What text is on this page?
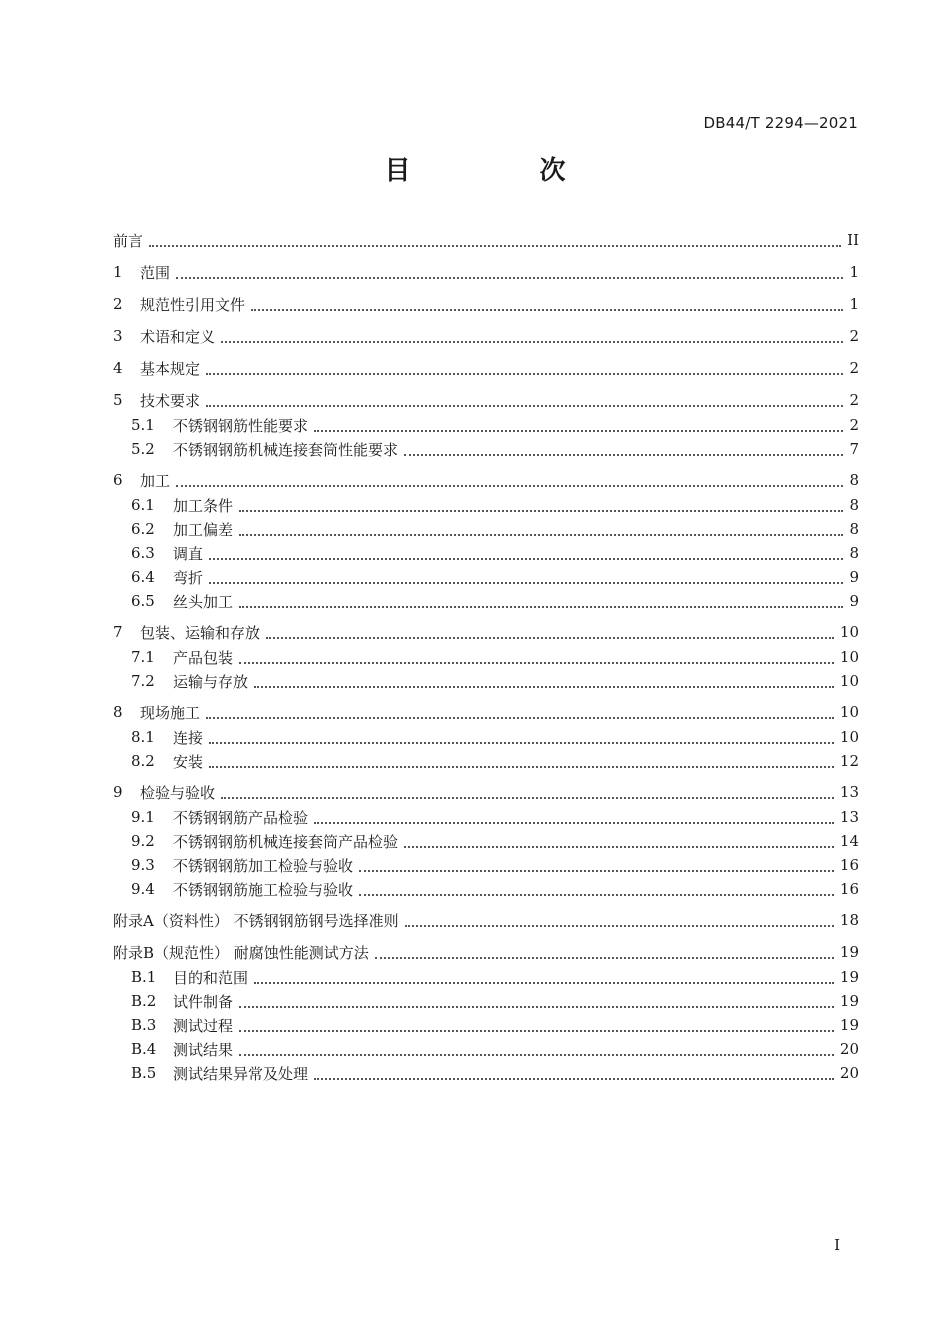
DB44/T 2294—2021
目 次
前言	II
1	范围	1
2	规范性引用文件	1
3	术语和定义	2
4	基本规定	2
5	技术要求	2
5.1	不锈钢钢筋性能要求	2
5.2	不锈钢钢筋机械连接套筒性能要求	7
6	加工	8
6.1	加工条件	8
6.2	加工偏差	8
6.3	调直	8
6.4	弯折	9
6.5	丝头加工	9
7	包装、运输和存放	10
7.1	产品包装	10
7.2	运输与存放	10
8	现场施工	10
8.1	连接	10
8.2	安装	12
9	检验与验收	13
9.1	不锈钢钢筋产品检验	13
9.2	不锈钢钢筋机械连接套筒产品检验	14
9.3	不锈钢钢筋加工检验与验收	16
9.4	不锈钢钢筋施工检验与验收	16
附录A（资料性） 不锈钢钢筋钢号选择准则	18
附录B（规范性） 耐腐蚀性能测试方法	19
B.1	目的和范围	19
B.2	试件制备	19
B.3	测试过程	19
B.4	测试结果	20
B.5	测试结果异常及处理	20
I
